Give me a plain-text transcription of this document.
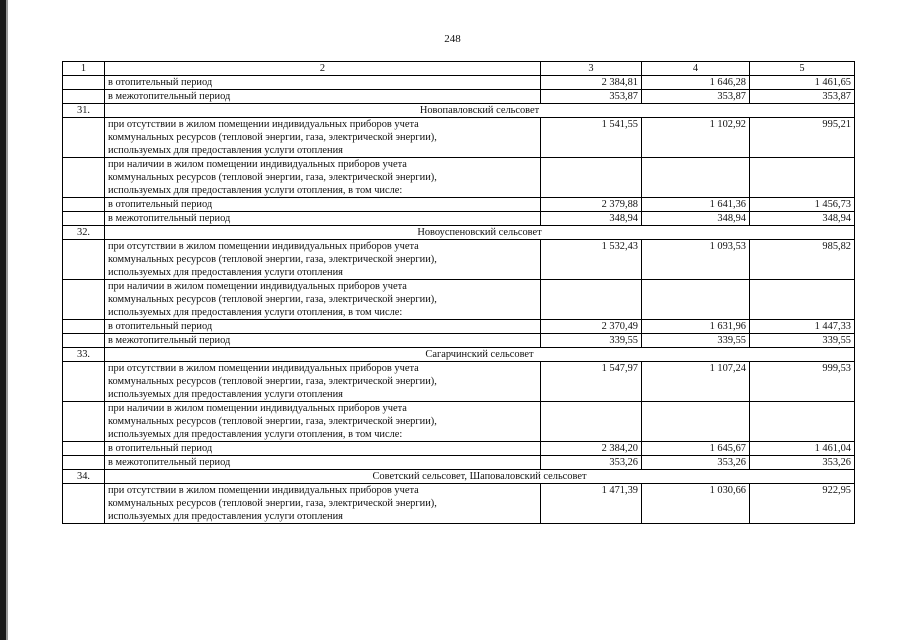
248
1	2	3	4	5
	в отопительный период	2 384,81	1 646,28	1 461,65
	в межотопительный период	353,87	353,87	353,87
31.	Новопавловский сельсовет			

	при отсутствии в жилом помещении индивидуальных приборов учета
коммунальных ресурсов (тепловой энергии, газа, электрической энергии),
используемых для предоставления услуги отопления	1 541,55	1 102,92	995,21

	при наличии в жилом помещении индивидуальных приборов учета
коммунальных ресурсов (тепловой энергии, газа, электрической энергии),
используемых для предоставления услуги отопления, в том числе:			

	в отопительный период	2 379,88	1 641,36	1 456,73
	в межотопительный период	348,94	348,94	348,94
32.	Новоуспеновский сельсовет			

	при отсутствии в жилом помещении индивидуальных приборов учета
коммунальных ресурсов (тепловой энергии, газа, электрической энергии),
используемых для предоставления услуги отопления	1 532,43	1 093,53	985,82

	при наличии в жилом помещении индивидуальных приборов учета
коммунальных ресурсов (тепловой энергии, газа, электрической энергии),
используемых для предоставления услуги отопления, в том числе:			

	в отопительный период	2 370,49	1 631,96	1 447,33
	в межотопительный период	339,55	339,55	339,55
33.	Сагарчинский сельсовет			

	при отсутствии в жилом помещении индивидуальных приборов учета
коммунальных ресурсов (тепловой энергии, газа, электрической энергии),
используемых для предоставления услуги отопления	1 547,97	1 107,24	999,53

	при наличии в жилом помещении индивидуальных приборов учета
коммунальных ресурсов (тепловой энергии, газа, электрической энергии),
используемых для предоставления услуги отопления, в том числе:			

	в отопительный период	2 384,20	1 645,67	1 461,04
	в межотопительный период	353,26	353,26	353,26
34.	Советский сельсовет, Шаповаловский сельсовет			

	при отсутствии в жилом помещении индивидуальных приборов учета
коммунальных ресурсов (тепловой энергии, газа, электрической энергии),
используемых для предоставления услуги отопления	1 471,39	1 030,66	922,95
